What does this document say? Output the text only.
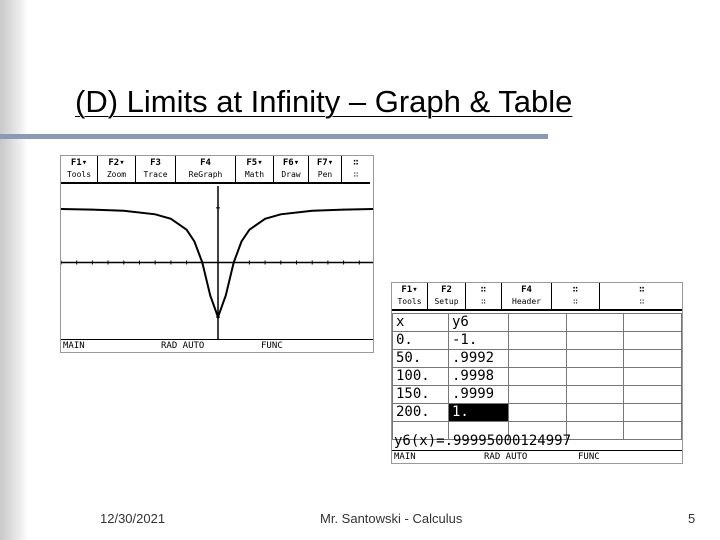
(D) Limits at Infinity – Graph & Table
F1▾
Tools
F2▾
Zoom
F3
Trace
F4
ReGraph
F5▾
Math
F6▾
Draw
F7▾
Pen
∷
∷
MAIN	RAD AUTO	FUNC
F1▾
Tools
F2
Setup
∷
∷
F4
Header
∷
∷
∷
∷
x	y6			
0.	-1.			
50.	.9992			
100.	.9998			
150.	.9999			
200.	1.			

y6(x)=.99995000124997
MAIN	RAD AUTO	FUNC
12/30/2021	Mr. Santowski - Calculus	5
